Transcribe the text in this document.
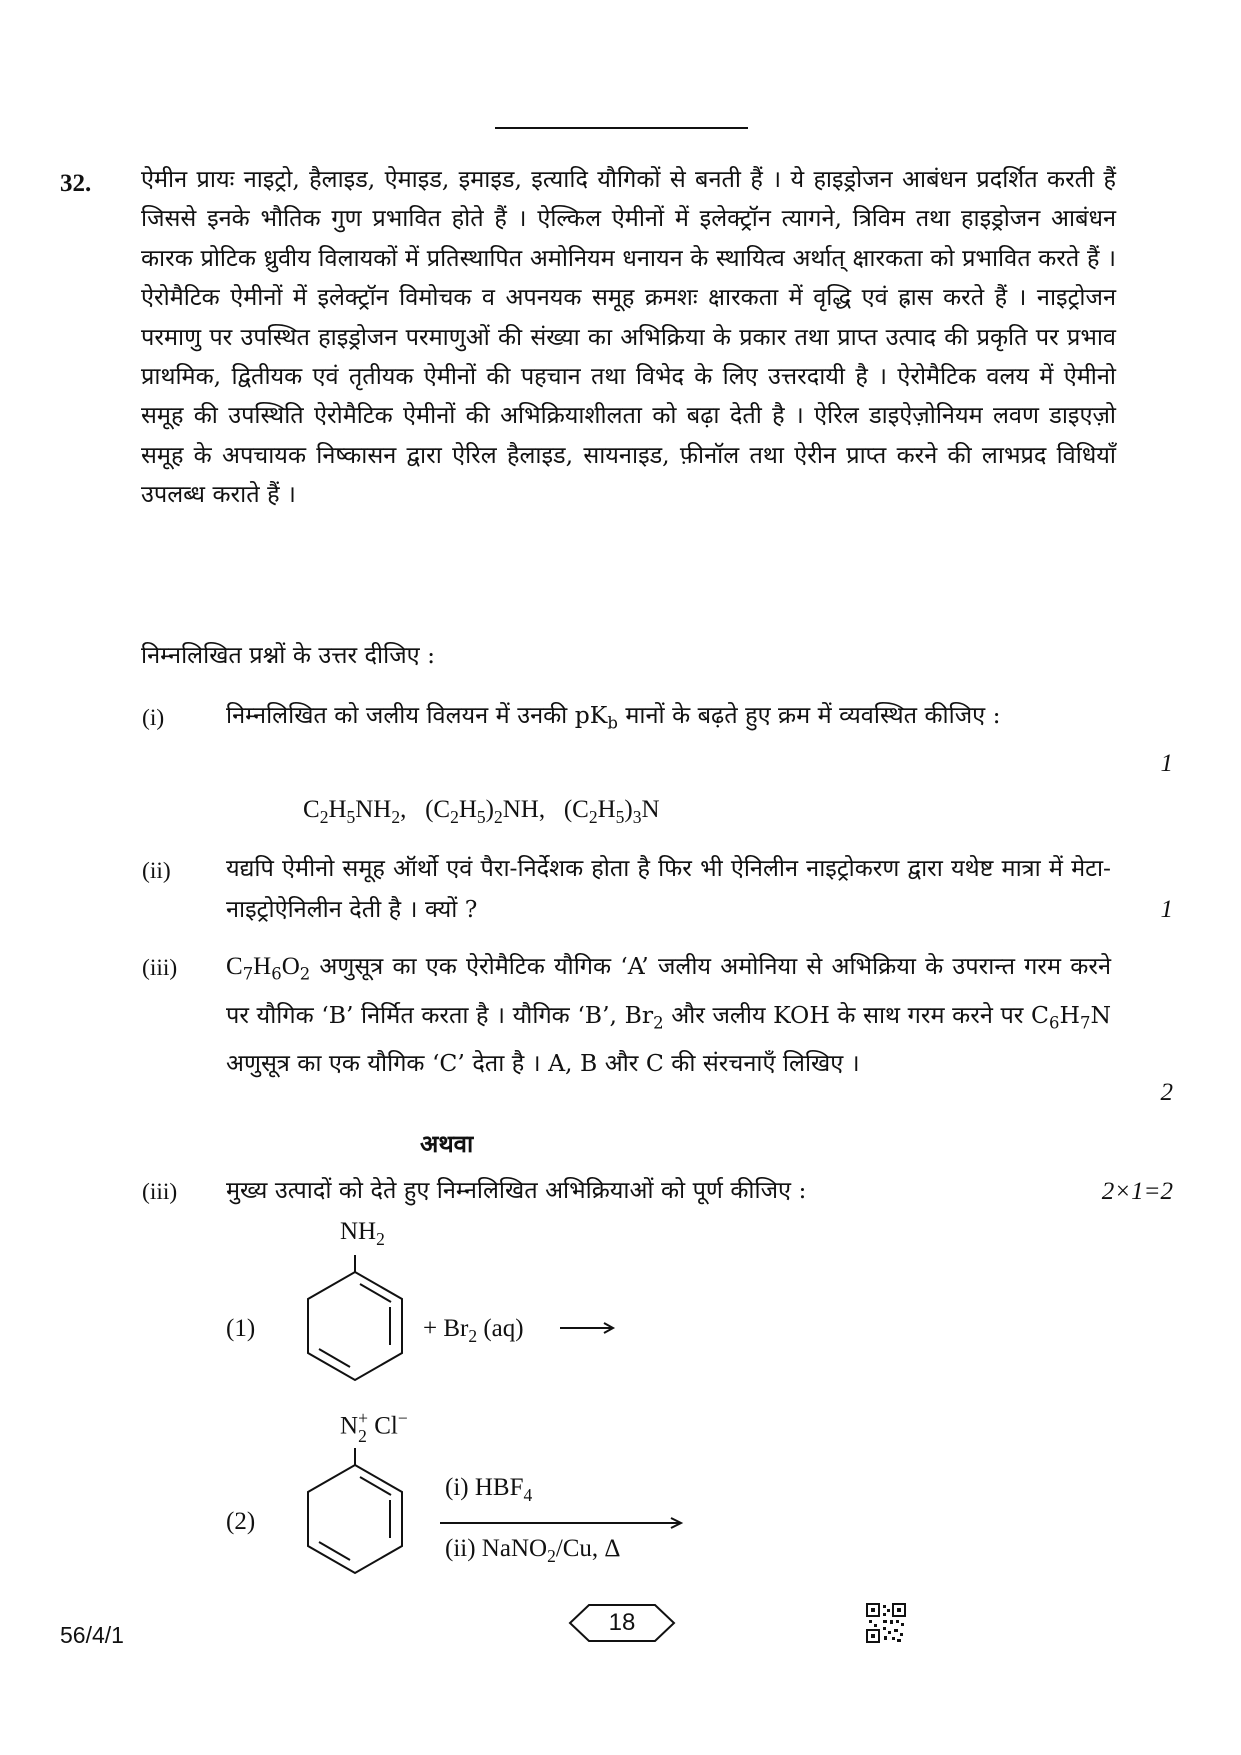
32. ऐमीन प्रायः नाइट्रो, हैलाइड, ऐमाइड, इमाइड, इत्यादि यौगिकों से बनती हैं । ये हाइड्रोजन आबंधन प्रदर्शित करती हैं जिससे इनके भौतिक गुण प्रभावित होते हैं । ऐल्किल ऐमीनों में इलेक्ट्रॉन त्यागने, त्रिविम तथा हाइड्रोजन आबंधन कारक प्रोटिक ध्रुवीय विलायकों में प्रतिस्थापित अमोनियम धनायन के स्थायित्व अर्थात् क्षारकता को प्रभावित करते हैं । ऐरोमैटिक ऐमीनों में इलेक्ट्रॉन विमोचक व अपनयक समूह क्रमशः क्षारकता में वृद्धि एवं ह्रास करते हैं । नाइट्रोजन परमाणु पर उपस्थित हाइड्रोजन परमाणुओं की संख्या का अभिक्रिया के प्रकार तथा प्राप्त उत्पाद की प्रकृति पर प्रभाव प्राथमिक, द्वितीयक एवं तृतीयक ऐमीनों की पहचान तथा विभेद के लिए उत्तरदायी है । ऐरोमैटिक वलय में ऐमीनो समूह की उपस्थिति ऐरोमैटिक ऐमीनों की अभिक्रियाशीलता को बढ़ा देती है । ऐरिल डाइऐज़ोनियम लवण डाइएज़ो समूह के अपचायक निष्कासन द्वारा ऐरिल हैलाइड, सायनाइड, फ़ीनॉल तथा ऐरीन प्राप्त करने की लाभप्रद विधियाँ उपलब्ध कराते हैं ।

निम्नलिखित प्रश्नों के उत्तर दीजिए :
(i)	निम्नलिखित को जलीय विलयन में उनकी $pK_b$ मानों के बढ़ते हुए क्रम में व्यवस्थित कीजिए :

1
$C_2H_5NH_2$, $(C_2H_5)_2NH$, $(C_2H_5)_3N$
(ii) यद्यपि ऐमीनो समूह ऑर्थो एवं पैरा-निर्देशक होता है फिर भी ऐनिलीन नाइट्रोकरण द्वारा यथेष्ट मात्रा में मेटा-नाइट्रोऐनिलीन देती है । क्यों ?	1
(iii) $C_7H_6O_2$ अणुसूत्र का एक ऐरोमैटिक यौगिक ‘A’ जलीय अमोनिया से अभिक्रिया के उपरान्त गरम करने पर यौगिक ‘B’ निर्मित करता है । यौगिक ‘B’, $Br_2$ और जलीय KOH के साथ गरम करने पर $C_6H_7N$ अणुसूत्र का एक यौगिक ‘C’ देता है । A, B और C की संरचनाएँ लिखिए ।

2
अथवा
(iii) मुख्य उत्पादों को देते हुए निम्नलिखित अभिक्रियाओं को पूर्ण कीजिए :	2×1=2
(1)
$NH_2$
+ $Br_2$ (aq)
(2)
N +
2 Cl−
(i) $HBF_4$
(ii) NaNO$_2$/Cu, Δ
56/4/1	18
